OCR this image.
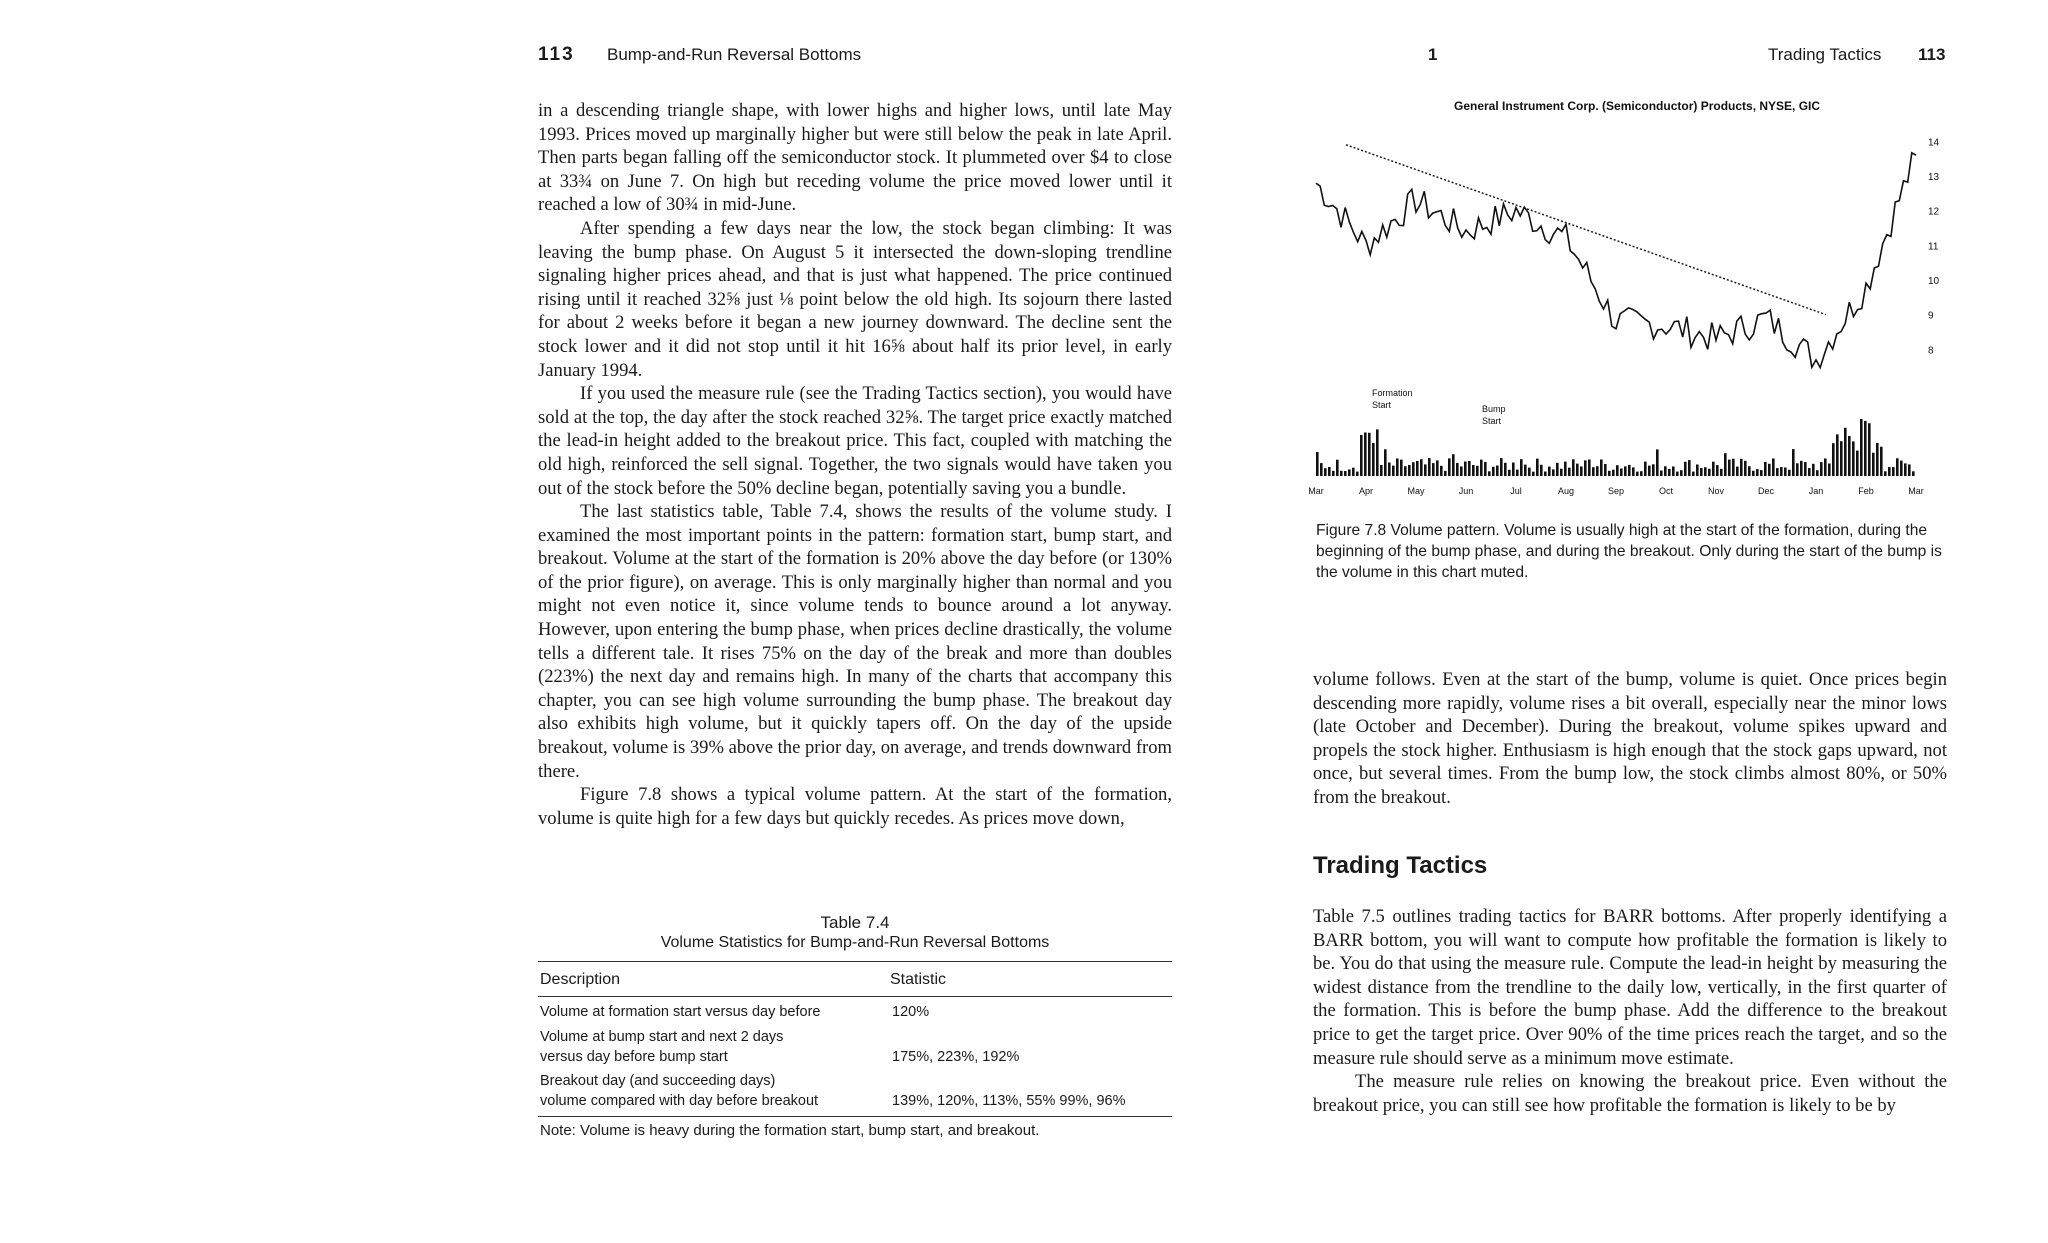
113 Bump-and-Run Reversal Bottoms	1	Trading Tactics 113

in a descending triangle shape, with lower highs and higher lows, until late May 1993. Prices moved up marginally higher but were still below the peak in late April. Then parts began falling off the semiconductor stock. It plummeted over $4 to close at 33¾ on June 7. On high but receding volume the price moved lower until it reached a low of 30¾ in mid-June.

After spending a few days near the low, the stock began climbing: It was leaving the bump phase. On August 5 it intersected the down-sloping trendline signaling higher prices ahead, and that is just what happened. The price continued rising until it reached 32⅝ just ⅛ point below the old high. Its sojourn there lasted for about 2 weeks before it began a new journey downward. The decline sent the stock lower and it did not stop until it hit 16⅝ about half its prior level, in early January 1994.

If you used the measure rule (see the Trading Tactics section), you would have sold at the top, the day after the stock reached 32⅝. The target price exactly matched the lead-in height added to the breakout price. This fact, coupled with matching the old high, reinforced the sell signal. Together, the two signals would have taken you out of the stock before the 50% decline began, potentially saving you a bundle.

The last statistics table, Table 7.4, shows the results of the volume study. I examined the most important points in the pattern: formation start, bump start, and breakout. Volume at the start of the formation is 20% above the day before (or 130% of the prior figure), on average. This is only marginally higher than normal and you might not even notice it, since volume tends to bounce around a lot anyway. However, upon entering the bump phase, when prices decline drastically, the volume tells a different tale. It rises 75% on the day of the break and more than doubles (223%) the next day and remains high. In many of the charts that accompany this chapter, you can see high volume surrounding the bump phase. The breakout day also exhibits high volume, but it quickly tapers off. On the day of the upside breakout, volume is 39% above the prior day, on average, and trends downward from there.

Figure 7.8 shows a typical volume pattern. At the start of the formation, volume is quite high for a few days but quickly recedes. As prices move down,

Table 7.4
Volume Statistics for Bump-and-Run Reversal Bottoms
Description	Statistic
Volume at formation start versus day before	120%
Volume at bump start and next 2 days
versus day before bump start	175%, 223%, 192%
Breakout day (and succeeding days)
volume compared with day before breakout	139%, 120%, 113%, 55% 99%, 96%
Note: Volume is heavy during the formation start, bump start, and breakout.
General Instrument Corp. (Semiconductor) Products, NYSE, GIC
14
13
12
11
10
9
8
Mar	Apr	May	Jun	Jul	Aug	Sep	Oct	Nov	Dec	Jan	Feb	Mar
Formation
Start	Bump
Start
Figure 7.8 Volume pattern. Volume is usually high at the start of the formation, during the beginning of the bump phase, and during the breakout. Only during the start of the bump is the volume in this chart muted.

volume follows. Even at the start of the bump, volume is quiet. Once prices begin descending more rapidly, volume rises a bit overall, especially near the minor lows (late October and December). During the breakout, volume spikes upward and propels the stock higher. Enthusiasm is high enough that the stock gaps upward, not once, but several times. From the bump low, the stock climbs almost 80%, or 50% from the breakout.

Trading Tactics

Table 7.5 outlines trading tactics for BARR bottoms. After properly identifying a BARR bottom, you will want to compute how profitable the formation is likely to be. You do that using the measure rule. Compute the lead-in height by measuring the widest distance from the trendline to the daily low, vertically, in the first quarter of the formation. This is before the bump phase. Add the difference to the breakout price to get the target price. Over 90% of the time prices reach the target, and so the measure rule should serve as a minimum move estimate.

The measure rule relies on knowing the breakout price. Even without the breakout price, you can still see how profitable the formation is likely to be by
